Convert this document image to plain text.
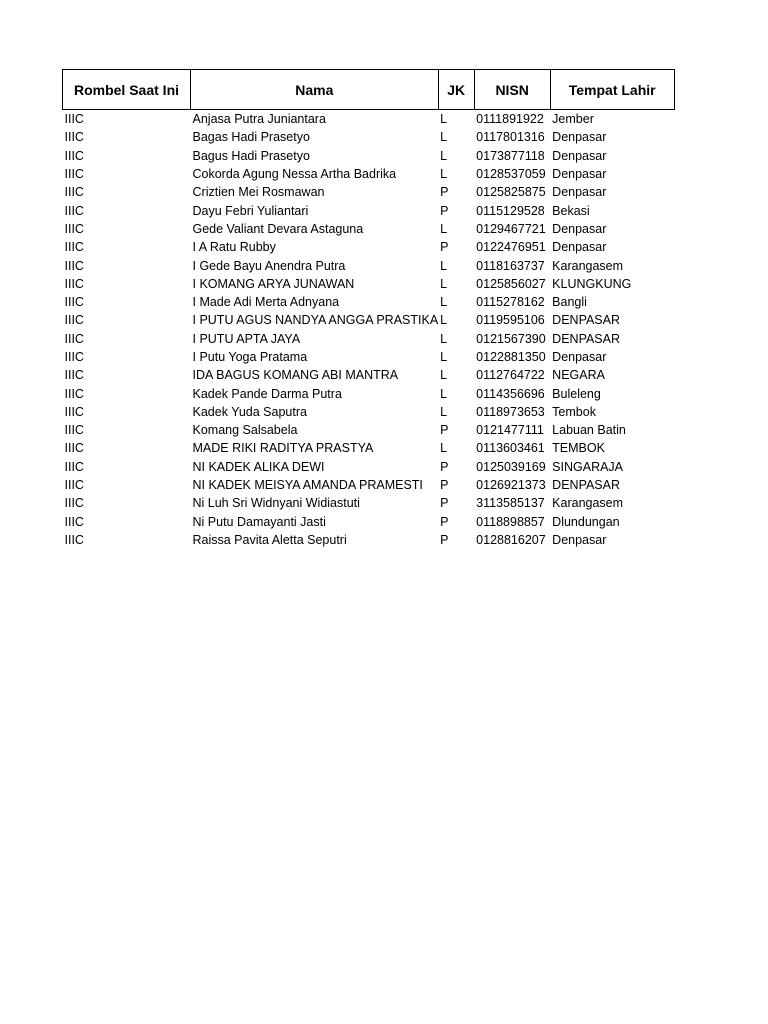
Rombel Saat Ini	Nama	JK	NISN	Tempat Lahir
IIIC	Anjasa Putra Juniantara	L	0111891922	Jember
IIIC	Bagas Hadi Prasetyo	L	0117801316	Denpasar
IIIC	Bagus Hadi Prasetyo	L	0173877118	Denpasar
IIIC	Cokorda Agung Nessa Artha Badrika	L	0128537059	Denpasar
IIIC	Criztien Mei Rosmawan	P	0125825875	Denpasar
IIIC	Dayu Febri Yuliantari	P	0115129528	Bekasi
IIIC	Gede Valiant Devara Astaguna	L	0129467721	Denpasar
IIIC	I A Ratu Rubby	P	0122476951	Denpasar
IIIC	I Gede Bayu Anendra Putra	L	0118163737	Karangasem
IIIC	I KOMANG ARYA JUNAWAN	L	0125856027	KLUNGKUNG
IIIC	I Made Adi Merta Adnyana	L	0115278162	Bangli
IIIC	I PUTU AGUS NANDYA ANGGA PRASTIKA	L	0119595106	DENPASAR
IIIC	I PUTU APTA JAYA	L	0121567390	DENPASAR
IIIC	I Putu Yoga Pratama	L	0122881350	Denpasar
IIIC	IDA BAGUS KOMANG ABI MANTRA	L	0112764722	NEGARA
IIIC	Kadek Pande Darma Putra	L	0114356696	Buleleng
IIIC	Kadek Yuda Saputra	L	0118973653	Tembok
IIIC	Komang Salsabela	P	0121477111	Labuan Batin
IIIC	MADE RIKI RADITYA PRASTYA	L	0113603461	TEMBOK
IIIC	NI KADEK ALIKA DEWI	P	0125039169	SINGARAJA
IIIC	NI KADEK MEISYA AMANDA PRAMESTI	P	0126921373	DENPASAR
IIIC	Ni Luh Sri Widnyani Widiastuti	P	3113585137	Karangasem
IIIC	Ni Putu Damayanti Jasti	P	0118898857	Dlundungan
IIIC	Raissa Pavita Aletta Seputri	P	0128816207	Denpasar
